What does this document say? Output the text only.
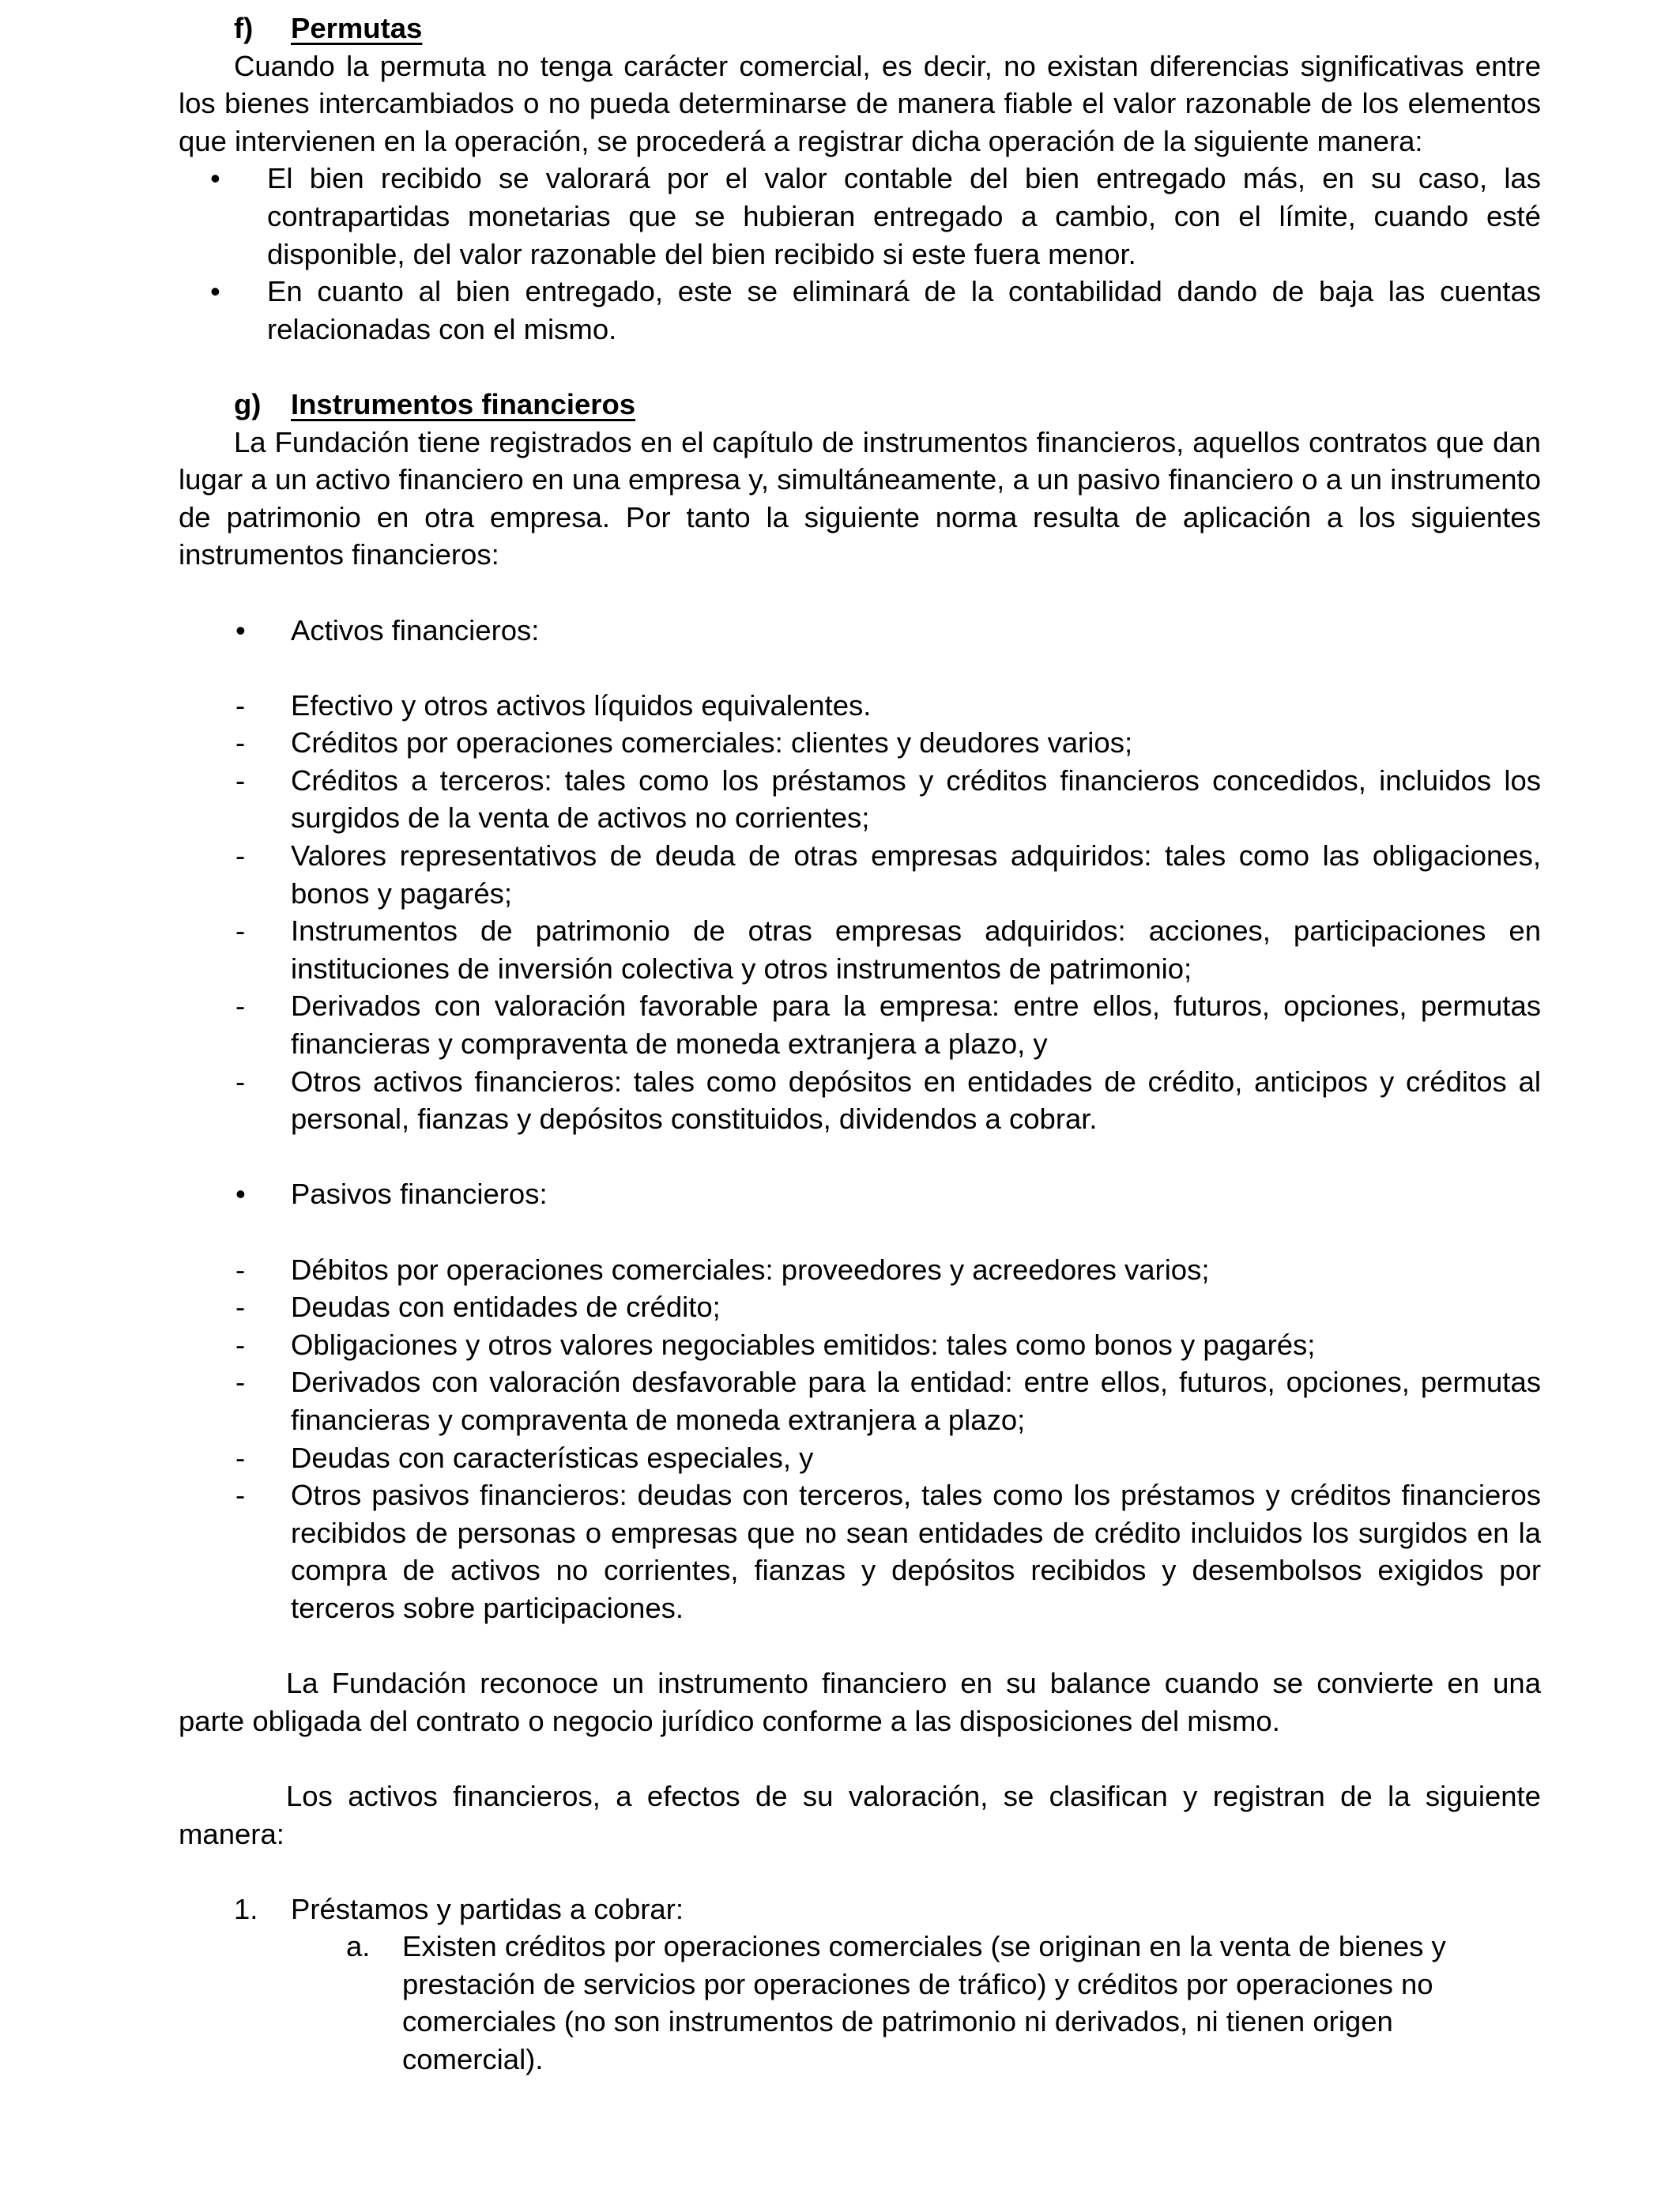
f)	Permutas
Cuando la permuta no tenga carácter comercial, es decir, no existan diferencias significativas entre los bienes intercambiados o no pueda determinarse de manera fiable el valor razonable de los elementos que intervienen en la operación, se procederá a registrar dicha operación de la siguiente manera:
• El bien recibido se valorará por el valor contable del bien entregado más, en su caso, las contrapartidas monetarias que se hubieran entregado a cambio, con el límite, cuando esté disponible, del valor razonable del bien recibido si este fuera menor.
• En cuanto al bien entregado, este se eliminará de la contabilidad dando de baja las cuentas relacionadas con el mismo.
g)	Instrumentos financieros
La Fundación tiene registrados en el capítulo de instrumentos financieros, aquellos contratos que dan lugar a un activo financiero en una empresa y, simultáneamente, a un pasivo financiero o a un instrumento de patrimonio en otra empresa. Por tanto la siguiente norma resulta de aplicación a los siguientes instrumentos financieros:
• Activos financieros:
- Efectivo y otros activos líquidos equivalentes.
- Créditos por operaciones comerciales: clientes y deudores varios;
- Créditos a terceros: tales como los préstamos y créditos financieros concedidos, incluidos los surgidos de la venta de activos no corrientes;
- Valores representativos de deuda de otras empresas adquiridos: tales como las obligaciones, bonos y pagarés;
- Instrumentos de patrimonio de otras empresas adquiridos: acciones, participaciones en instituciones de inversión colectiva y otros instrumentos de patrimonio;
- Derivados con valoración favorable para la empresa: entre ellos, futuros, opciones, permutas financieras y compraventa de moneda extranjera a plazo, y
- Otros activos financieros: tales como depósitos en entidades de crédito, anticipos y créditos al personal, fianzas y depósitos constituidos, dividendos a cobrar.
• Pasivos financieros:
- Débitos por operaciones comerciales: proveedores y acreedores varios;
- Deudas con entidades de crédito;
- Obligaciones y otros valores negociables emitidos: tales como bonos y pagarés;
- Derivados con valoración desfavorable para la entidad: entre ellos, futuros, opciones, permutas financieras y compraventa de moneda extranjera a plazo;
- Deudas con características especiales, y
- Otros pasivos financieros: deudas con terceros, tales como los préstamos y créditos financieros recibidos de personas o empresas que no sean entidades de crédito incluidos los surgidos en la compra de activos no corrientes, fianzas y depósitos recibidos y desembolsos exigidos por terceros sobre participaciones.
La Fundación reconoce un instrumento financiero en su balance cuando se convierte en una parte obligada del contrato o negocio jurídico conforme a las disposiciones del mismo.
Los activos financieros, a efectos de su valoración, se clasifican y registran de la siguiente manera:
1. Préstamos y partidas a cobrar:
a. Existen créditos por operaciones comerciales (se originan en la venta de bienes y prestación de servicios por operaciones de tráfico) y créditos por operaciones no comerciales (no son instrumentos de patrimonio ni derivados, ni tienen origen comercial).
